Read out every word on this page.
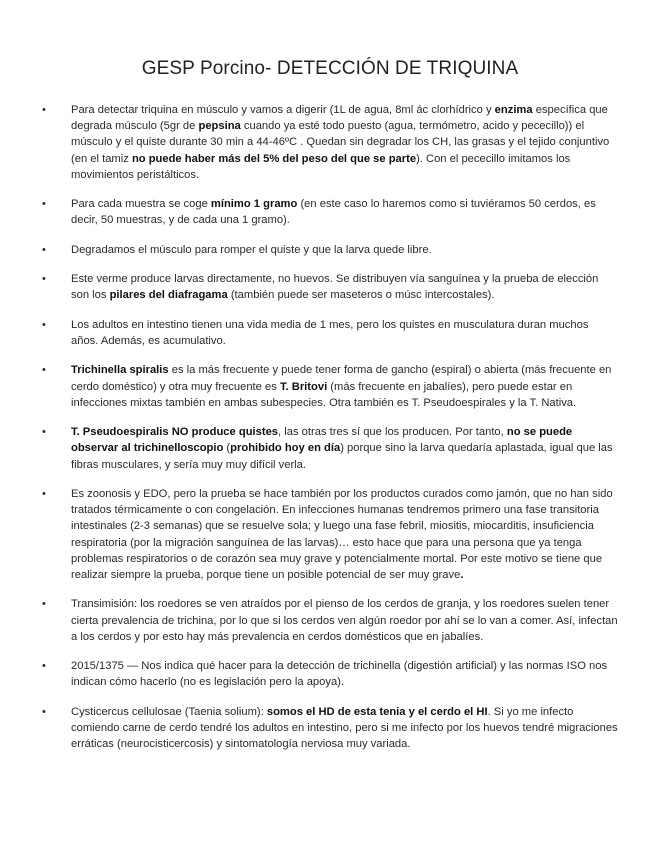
GESP Porcino- DETECCIÓN DE TRIQUINA
• Para detectar triquina en músculo y vamos a digerir (1L de agua, 8ml ác clorhídrico y enzima específica que degrada músculo (5gr de pepsina cuando ya esté todo puesto (agua, termómetro, acido y pececillo)) el músculo y el quiste durante 30 min a 44-46ºC . Quedan sin degradar los CH, las grasas y el tejido conjuntivo (en el tamiz no puede haber más del 5% del peso del que se parte). Con el pececillo imitamos los movimientos peristálticos.
• Para cada muestra se coge mínimo 1 gramo (en este caso lo haremos como si tuviéramos 50 cerdos, es decir, 50 muestras, y de cada una 1 gramo).
• Degradamos el músculo para romper el quiste y que la larva quede libre.
• Este verme produce larvas directamente, no huevos. Se distribuyen vía sanguínea y la prueba de elección son los pilares del diafragama (también puede ser maseteros o músc intercostales).
• Los adultos en intestino tienen una vida media de 1 mes, pero los quistes en musculatura duran muchos años. Además, es acumulativo.
• Trichinella spiralis es la más frecuente y puede tener forma de gancho (espiral) o abierta (más frecuente en cerdo doméstico) y otra muy frecuente es T. Britovi (más frecuente en jabalíes), pero puede estar en infecciones mixtas también en ambas subespecies. Otra también es T. Pseudoespirales y la T. Nativa.
• T. Pseudoespiralis NO produce quistes, las otras tres sí que los producen. Por tanto, no se puede observar al trichinelloscopio (prohibido hoy en día) porque sino la larva quedaría aplastada, igual que las fibras musculares, y sería muy muy difícil verla.
• Es zoonosis y EDO, pero la prueba se hace también por los productos curados como jamón, que no han sido tratados térmicamente o con congelación. En infecciones humanas tendremos primero una fase transitoria intestinales (2-3 semanas) que se resuelve sola; y luego una fase febril, miositis, miocarditis, insuficiencia respiratoria (por la migración sanguínea de las larvas)… esto hace que para una persona que ya tenga problemas respiratorios o de corazón sea muy grave y potencialmente mortal. Por este motivo se tiene que realizar siempre la prueba, porque tiene un posible potencial de ser muy grave.
• Transimisión: los roedores se ven atraídos por el pienso de los cerdos de granja, y los roedores suelen tener cierta prevalencia de trichina, por lo que si los cerdos ven algún roedor por ahí se lo van a comer. Así, infectan a los cerdos y por esto hay más prevalencia en cerdos domésticos que en jabalíes.
• 2015/1375 — Nos indica qué hacer para la detección de trichinella (digestión artificial) y las normas ISO nos indican cómo hacerlo (no es legislación pero la apoya).
• Cysticercus cellulosae (Taenia solium): somos el HD de esta tenia y el cerdo el HI. Si yo me infecto comiendo carne de cerdo tendré los adultos en intestino, pero si me infecto por los huevos tendré migraciones erráticas (neurocisticercosis) y sintomatología nerviosa muy variada.
